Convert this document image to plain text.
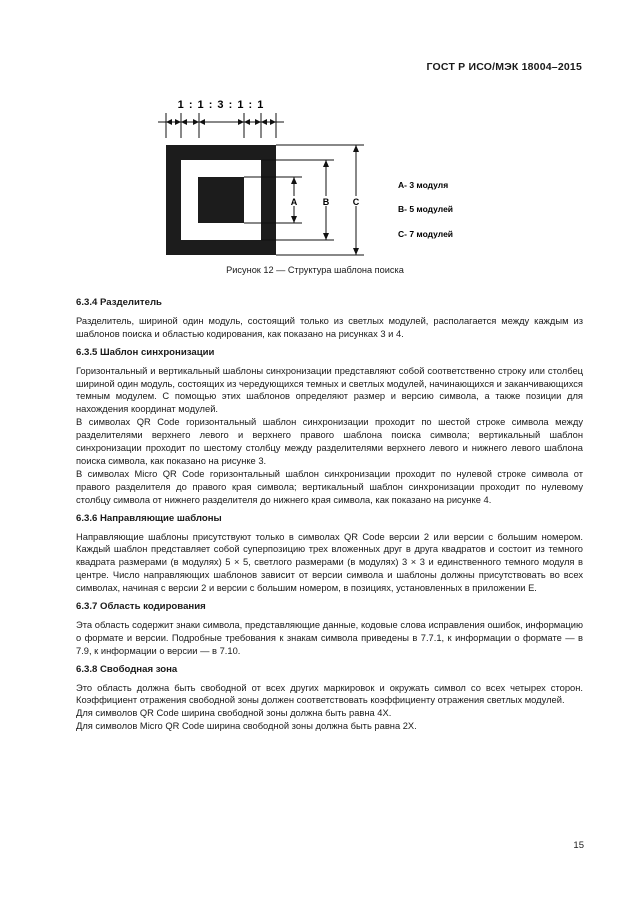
ГОСТ Р ИСО/МЭК 18004–2015
1 : 1 : 3 : 1 : 1
A	B	C
A- 3 модуля
B- 5 модулей
C- 7 модулей
Рисунок 12 — Структура шаблона поиска
6.3.4 Разделитель

Разделитель, шириной один модуль, состоящий только из светлых модулей, располагается между каждым из шаблонов поиска и областью кодирования, как показано на рисунках 3 и 4.

6.3.5 Шаблон синхронизации

Горизонтальный и вертикальный шаблоны синхронизации представляют собой соответственно строку или столбец шириной один модуль, состоящих из чередующихся темных и светлых модулей, начинающихся и заканчивающихся темным модулем. С помощью этих шаблонов определяют размер и версию символа, а также позиции для нахождения координат модулей.

В символах QR Code горизонтальный шаблон синхронизации проходит по шестой строке символа между разделителями верхнего левого и верхнего правого шаблона поиска символа; вертикальный шаблон синхронизации проходит по шестому столбцу между разделителями верхнего левого и нижнего левого шаблона поиска символа, как показано на рисунке 3.

В символах Micro QR Code горизонтальный шаблон синхронизации проходит по нулевой строке символа от правого разделителя до правого края символа; вертикальный шаблон синхронизации проходит по нулевому столбцу символа от нижнего разделителя до нижнего края символа, как показано на рисунке 4.

6.3.6 Направляющие шаблоны

Направляющие шаблоны присутствуют только в символах QR Code версии 2 или версии с большим номером. Каждый шаблон представляет собой суперпозицию трех вложенных друг в друга квадратов и состоит из темного квадрата размерами (в модулях) 5 × 5, светлого размерами (в модулях) 3 × 3 и единственного темного модуля в центре. Число направляющих шаблонов зависит от версии символа и шаблоны должны присутствовать во всех символах, начиная с версии 2 и версии с большим номером, в позициях, установленных в приложении Е.

6.3.7 Область кодирования

Эта область содержит знаки символа, представляющие данные, кодовые слова исправления ошибок, информацию о формате и версии. Подробные требования к знакам символа приведены в 7.7.1, к информации о формате — в 7.9, к информации о версии — в 7.10.

6.3.8 Свободная зона

Это область должна быть свободной от всех других маркировок и окружать символ со всех четырех сторон. Коэффициент отражения свободной зоны должен соответствовать коэффициенту отражения светлых модулей.

Для символов QR Code ширина свободной зоны должна быть равна 4X.

Для символов Micro QR Code ширина свободной зоны должна быть равна 2X.

15
